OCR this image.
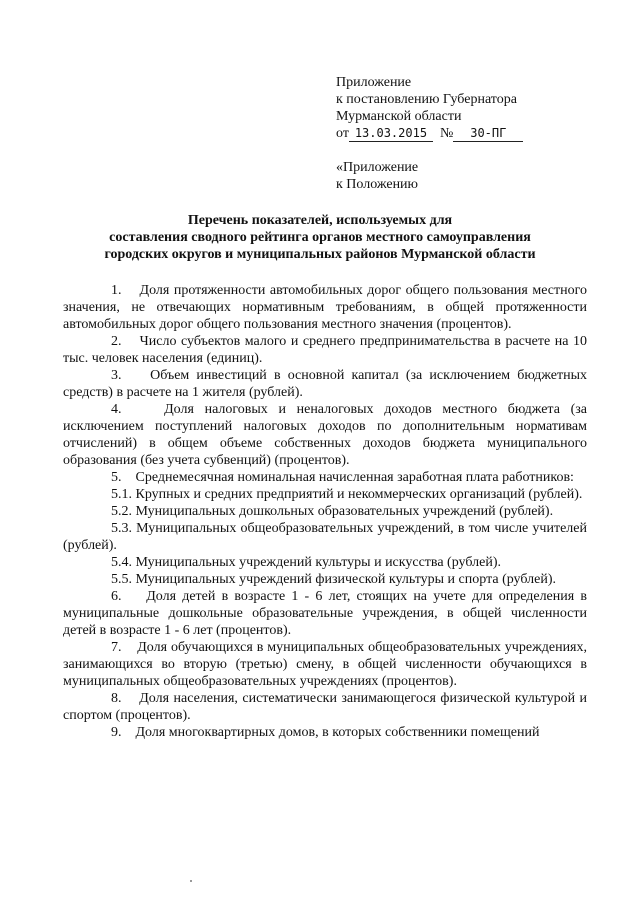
Приложение
к постановлению Губернатора
Мурманской области
от 13.03.2015 № 30-ПГ
«Приложение
к Положению
Перечень показателей, используемых для
составления сводного рейтинга органов местного самоуправления
городских округов и муниципальных районов Мурманской области

1.    Доля протяженности автомобильных дорог общего пользования местного значения, не отвечающих нормативным требованиям, в общей протяженности автомобильных дорог общего пользования местного значения (процентов).

2.    Число субъектов малого и среднего предпринимательства в расчете на 10 тыс. человек населения (единиц).

3.    Объем инвестиций в основной капитал (за исключением бюджетных средств) в расчете на 1 жителя (рублей).

4.    Доля налоговых и неналоговых доходов местного бюджета (за исключением поступлений налоговых доходов по дополнительным нормативам отчислений) в общем объеме собственных доходов бюджета муниципального образования (без учета субвенций) (процентов).

5.    Среднемесячная номинальная начисленная заработная плата работников:

5.1. Крупных и средних предприятий и некоммерческих организаций (рублей).

5.2. Муниципальных дошкольных образовательных учреждений (рублей).

5.3. Муниципальных общеобразовательных учреждений, в том числе учителей (рублей).

5.4. Муниципальных учреждений культуры и искусства (рублей).

5.5. Муниципальных учреждений физической культуры и спорта (рублей).

6.    Доля детей в возрасте 1 - 6 лет, стоящих на учете для определения в муниципальные дошкольные образовательные учреждения, в общей численности детей в возрасте 1 - 6 лет (процентов).

7.    Доля обучающихся в муниципальных общеобразовательных учреждениях, занимающихся во вторую (третью) смену, в общей численности обучающихся в муниципальных общеобразовательных учреждениях (процентов).

8.    Доля населения, систематически занимающегося физической культурой и спортом (процентов).

9.    Доля многоквартирных домов, в которых собственники помещений
